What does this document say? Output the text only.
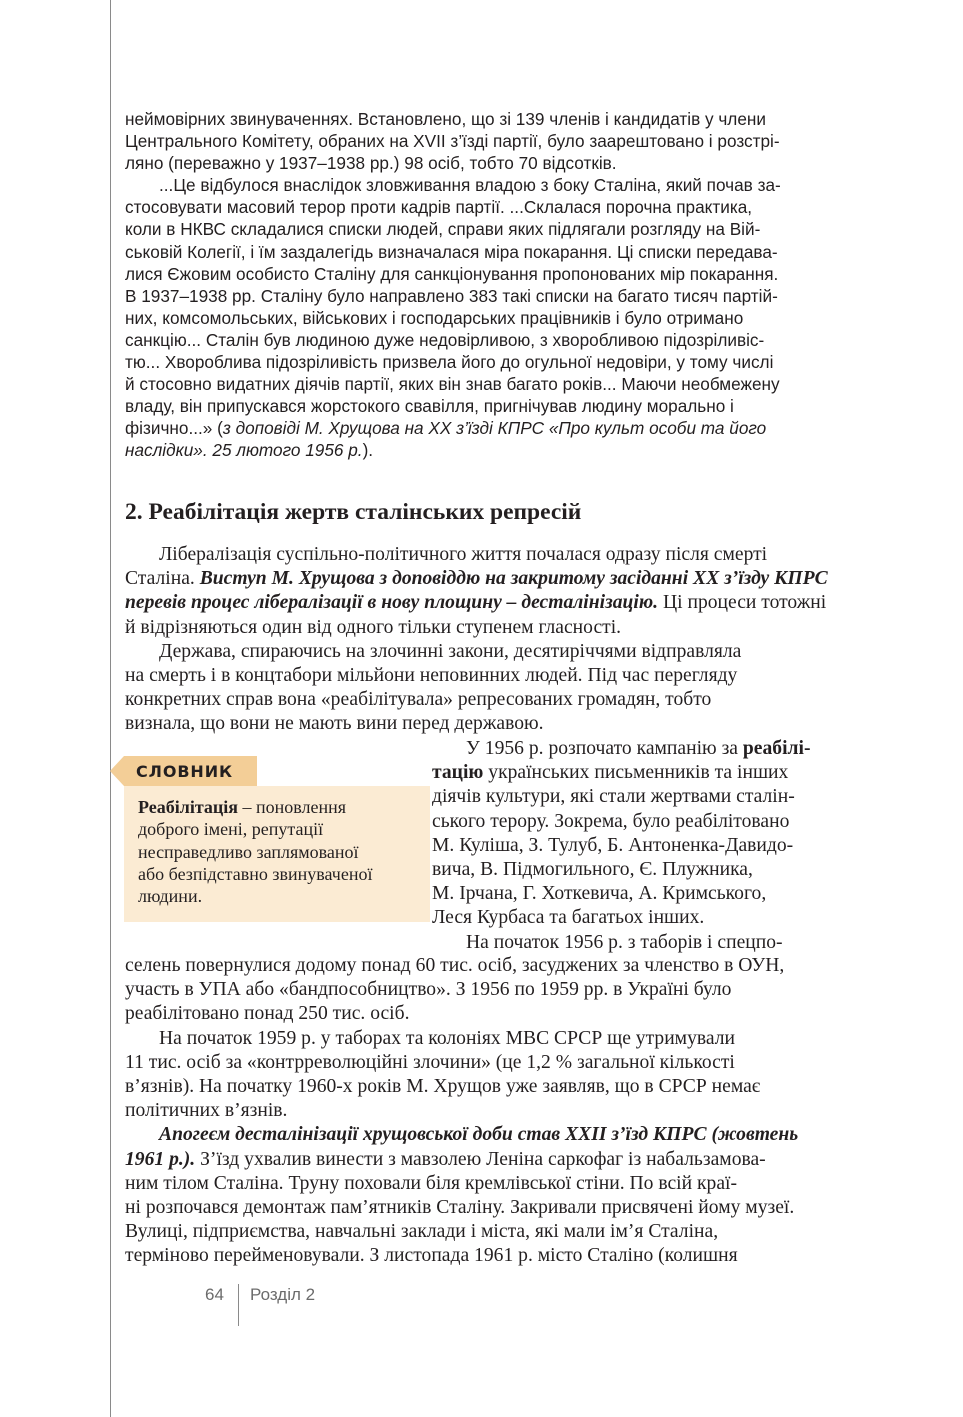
неймовірних звинуваченнях. Встановлено, що зі 139 членів і кандидатів у члени

Центрального Комітету, обраних на XVII з’їзді партії, було заарештовано і розстрі-

ляно (переважно у 1937–1938 рр.) 98 осіб, тобто 70 відсотків.

...Це відбулося внаслідок зловживання владою з боку Сталіна, який почав за-

стосовувати масовий терор проти кадрів партії. ...Склалася порочна практика,

коли в НКВС складалися списки людей, справи яких підлягали розгляду на Вій-

ськовій Колегії, і їм заздалегідь визначалася міра покарання. Ці списки передава-

лися Єжовим особисто Сталіну для санкціонування пропонованих мір покарання.

В 1937–1938 рр. Сталіну було направлено 383 такі списки на багато тисяч партій-

них, комсомольських, військових і господарських працівників і було отримано

санкцію... Сталін був людиною дуже недовірливою, з хворобливою підозріливіс-

тю... Хвороблива підозріливість призвела його до огульної недовіри, у тому числі

й стосовно видатних діячів партії, яких він знав багато років... Маючи необмежену

владу, він припускався жорстокого свавілля, пригнічував людину морально і

фізично...» (з доповіді М. Хрущова на XX з’їзді КПРС «Про культ особи та його

наслідки». 25 лютого 1956 р.).

2. Реабілітація жертв сталінських репресій

Лібералізація суспільно-політичного життя почалася одразу після смерті

Сталіна. Виступ М. Хрущова з доповіддю на закритому засіданні ХХ з’їзду КПРС

перевів процес лібералізації в нову площину – десталінізацію. Ці процеси тотожні

й відрізняються один від одного тільки ступенем гласності.

Держава, спираючись на злочинні закони, десятиріччями відправляла

на смерть і в концтабори мільйони неповинних людей. Під час перегляду

конкретних справ вона «реабілітувала» репресованих громадян, тобто

визнала, що вони не мають вини перед державою.

СЛОВНИК

Реабілітація – поновлення

доброго імені, репутації

несправедливо заплямованої

або безпідставно звинуваченої

людини.

У 1956 р. розпочато кампанію за реабілі-

тацію українських письменників та інших

діячів культури, які стали жертвами сталін-

ського терору. Зокрема, було реабілітовано

М. Куліша, З. Тулуб, Б. Антоненка-Давидо-

вича, В. Підмогильного, Є. Плужника,

М. Ірчана, Г. Хоткевича, А. Кримського,

Леся Курбаса та багатьох інших.

На початок 1956 р. з таборів і спецпо-

селень повернулися додому понад 60 тис. осіб, засуджених за членство в ОУН,

участь в УПА або «бандпособництво». З 1956 по 1959 рр. в Україні було

реабілітовано понад 250 тис. осіб.

На початок 1959 р. у таборах та колоніях МВС СРСР ще утримували

11 тис. осіб за «контрреволюційні злочини» (це 1,2 % загальної кількості

в’язнів). На початку 1960-х років М. Хрущов уже заявляв, що в СРСР немає

політичних в’язнів.

Апогеєм десталінізації хрущовської доби став ХХІІ з’їзд КПРС (жовтень

1961 р.). З’їзд ухвалив винести з мавзолею Леніна саркофаг із набальзамова-

ним тілом Сталіна. Труну поховали біля кремлівської стіни. По всій краї-

ні розпочався демонтаж пам’ятників Сталіну. Закривали присвячені йому музеї.

Вулиці, підприємства, навчальні заклади і міста, які мали ім’я Сталіна,

терміново перейменовували. З листопада 1961 р. місто Сталіно (колишня

64 Розділ 2
